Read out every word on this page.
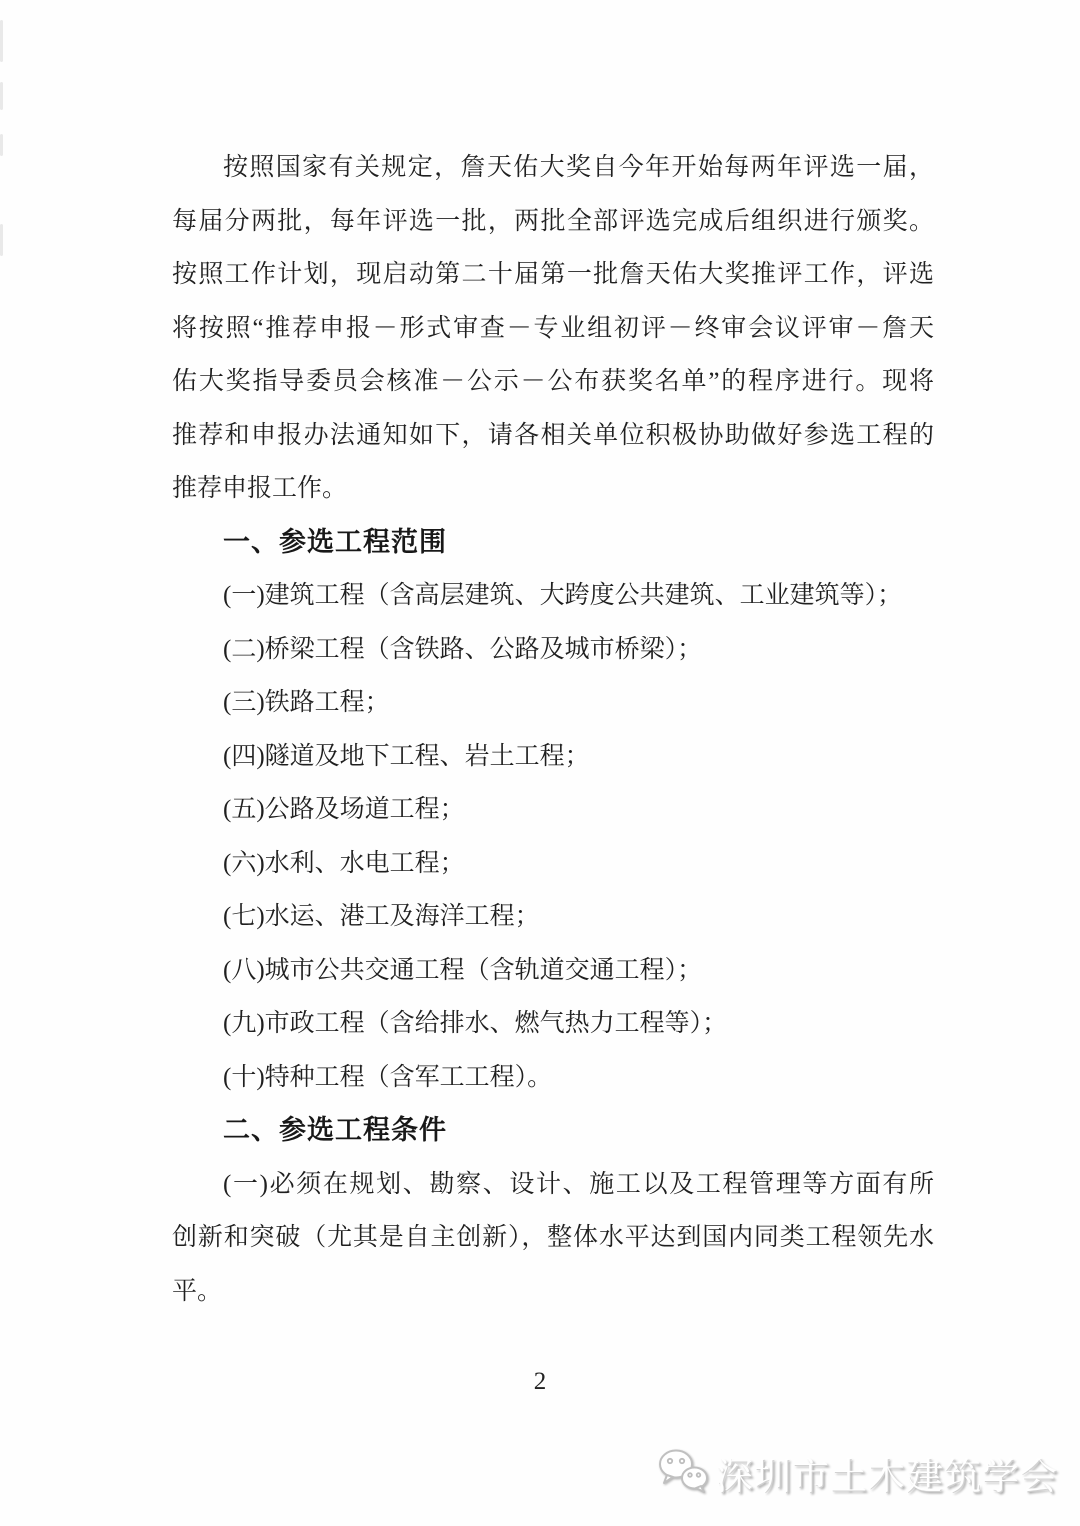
按照国家有关规定，詹天佑大奖自今年开始每两年评选一届，
每届分两批，每年评选一批，两批全部评选完成后组织进行颁奖。
按照工作计划，现启动第二十届第一批詹天佑大奖推评工作，评选
将按照“推荐申报－形式审查－专业组初评－终审会议评审－詹天
佑大奖指导委员会核准－公示－公布获奖名单”的程序进行。现将
推荐和申报办法通知如下，请各相关单位积极协助做好参选工程的
推荐申报工作。
一、参选工程范围
(一)建筑工程（含高层建筑、大跨度公共建筑、工业建筑等）；
(二)桥梁工程（含铁路、公路及城市桥梁）；
(三)铁路工程；
(四)隧道及地下工程、岩土工程；
(五)公路及场道工程；
(六)水利、水电工程；
(七)水运、港工及海洋工程；
(八)城市公共交通工程（含轨道交通工程）；
(九)市政工程（含给排水、燃气热力工程等）；
(十)特种工程（含军工工程）。
二、参选工程条件
(一)必须在规划、勘察、设计、施工以及工程管理等方面有所
创新和突破（尤其是自主创新），整体水平达到国内同类工程领先水
平。
2
深圳市土木建筑学会
